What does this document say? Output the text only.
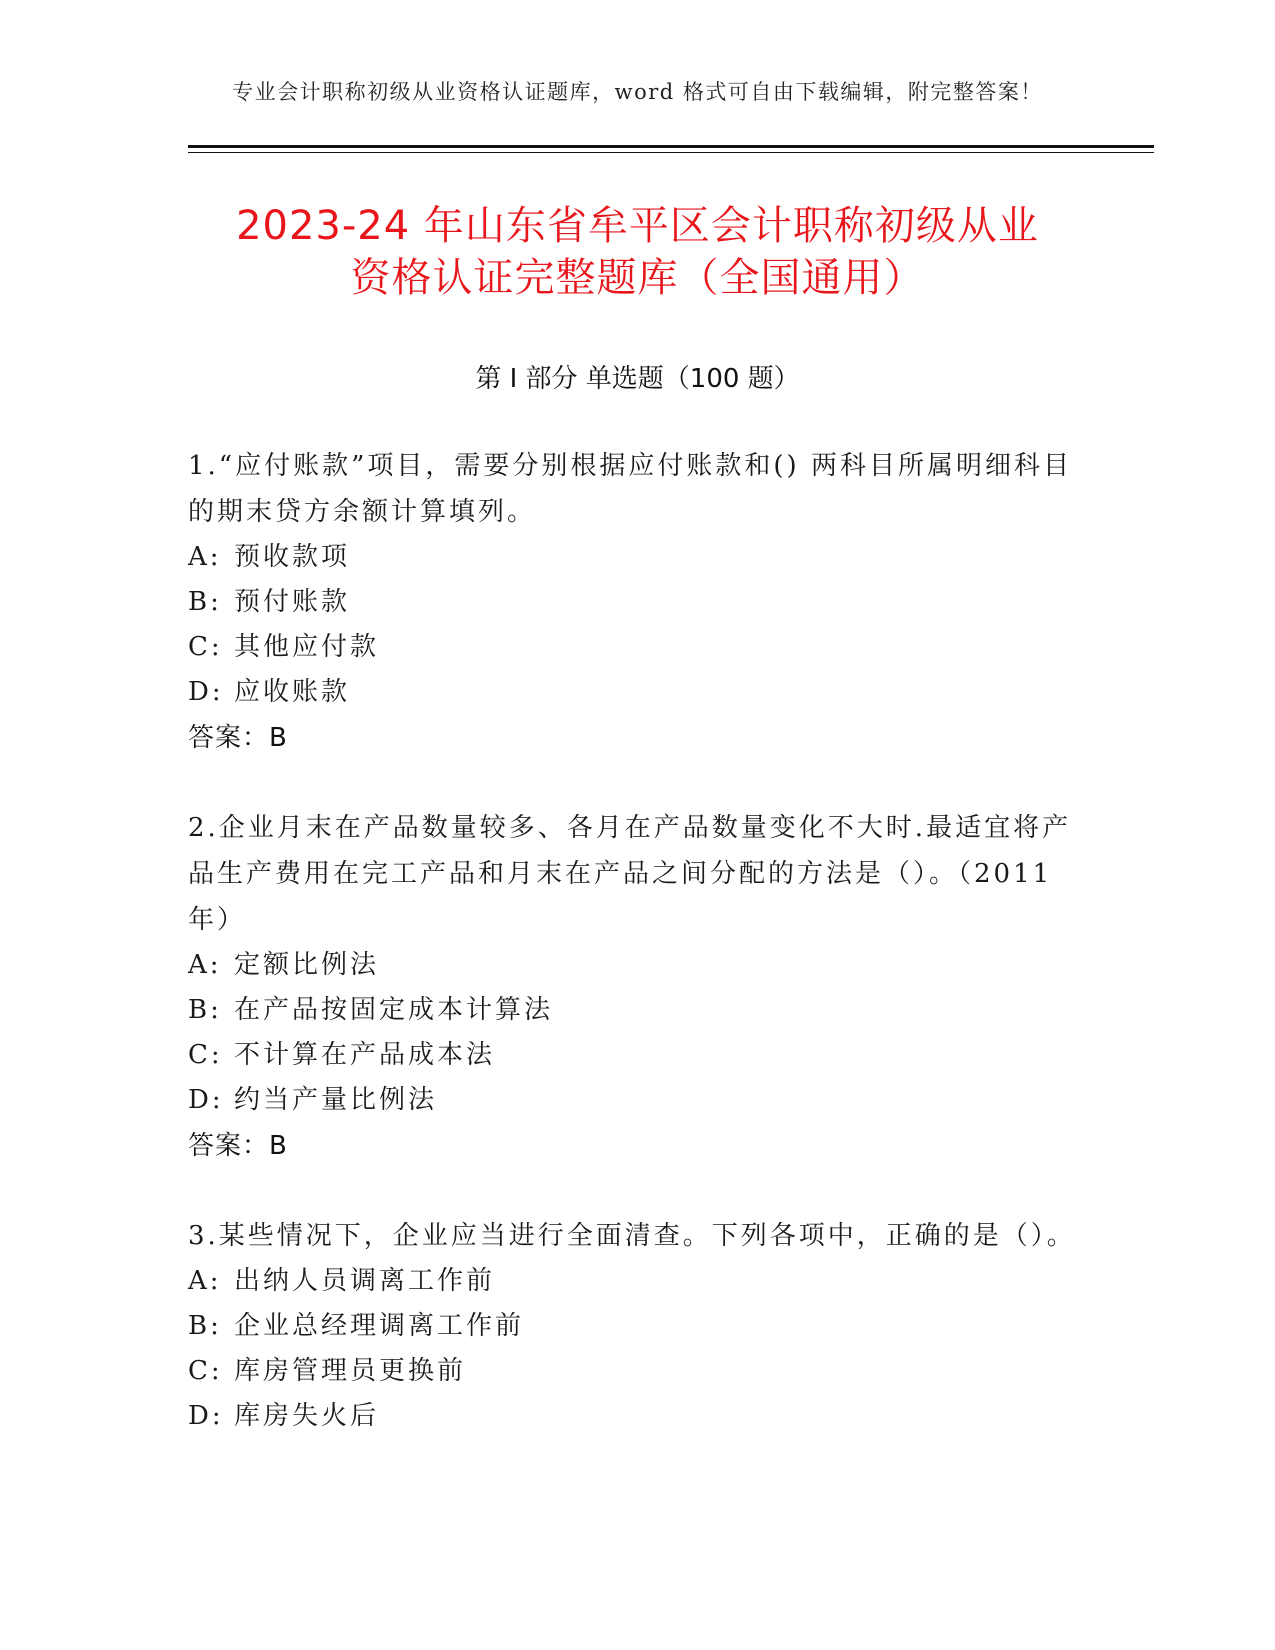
专业会计职称初级从业资格认证题库，word 格式可自由下载编辑，附完整答案！
2023-24 年山东省牟平区会计职称初级从业
资格认证完整题库（全国通用）
第 I 部分 单选题（100 题）
1.“应付账款”项目，需要分别根据应付账款和() 两科目所属明细科目的期末贷方余额计算填列。
A: 预收款项
B: 预付账款
C: 其他应付款
D: 应收账款
答案：B
2.企业月末在产品数量较多、各月在产品数量变化不大时.最适宜将产品生产费用在完工产品和月末在产品之间分配的方法是（）。（2011年）
A: 定额比例法
B: 在产品按固定成本计算法
C: 不计算在产品成本法
D: 约当产量比例法
答案：B
3.某些情况下，企业应当进行全面清查。下列各项中，正确的是（）。
A: 出纳人员调离工作前
B: 企业总经理调离工作前
C: 库房管理员更换前
D: 库房失火后
